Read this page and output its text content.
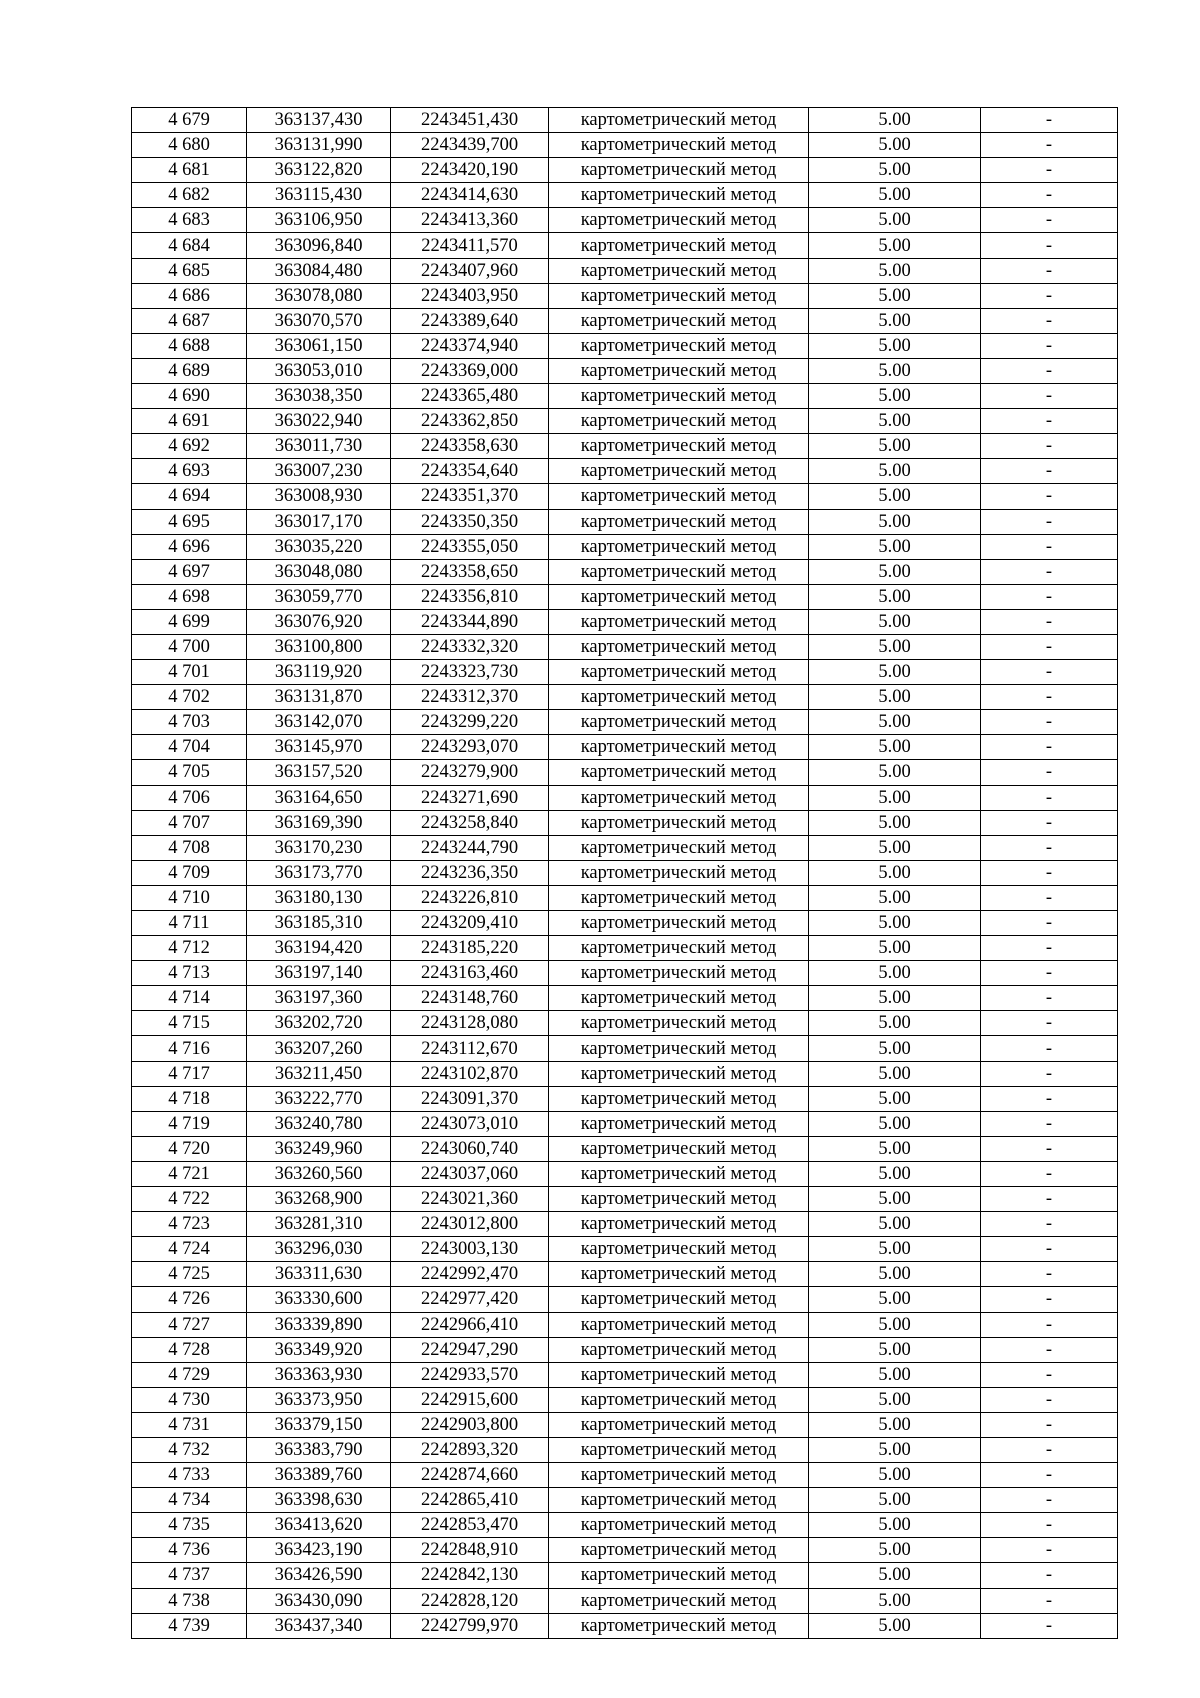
4 679	363137,430	2243451,430	картометрический метод	5.00	-
4 680	363131,990	2243439,700	картометрический метод	5.00	-
4 681	363122,820	2243420,190	картометрический метод	5.00	-
4 682	363115,430	2243414,630	картометрический метод	5.00	-
4 683	363106,950	2243413,360	картометрический метод	5.00	-
4 684	363096,840	2243411,570	картометрический метод	5.00	-
4 685	363084,480	2243407,960	картометрический метод	5.00	-
4 686	363078,080	2243403,950	картометрический метод	5.00	-
4 687	363070,570	2243389,640	картометрический метод	5.00	-
4 688	363061,150	2243374,940	картометрический метод	5.00	-
4 689	363053,010	2243369,000	картометрический метод	5.00	-
4 690	363038,350	2243365,480	картометрический метод	5.00	-
4 691	363022,940	2243362,850	картометрический метод	5.00	-
4 692	363011,730	2243358,630	картометрический метод	5.00	-
4 693	363007,230	2243354,640	картометрический метод	5.00	-
4 694	363008,930	2243351,370	картометрический метод	5.00	-
4 695	363017,170	2243350,350	картометрический метод	5.00	-
4 696	363035,220	2243355,050	картометрический метод	5.00	-
4 697	363048,080	2243358,650	картометрический метод	5.00	-
4 698	363059,770	2243356,810	картометрический метод	5.00	-
4 699	363076,920	2243344,890	картометрический метод	5.00	-
4 700	363100,800	2243332,320	картометрический метод	5.00	-
4 701	363119,920	2243323,730	картометрический метод	5.00	-
4 702	363131,870	2243312,370	картометрический метод	5.00	-
4 703	363142,070	2243299,220	картометрический метод	5.00	-
4 704	363145,970	2243293,070	картометрический метод	5.00	-
4 705	363157,520	2243279,900	картометрический метод	5.00	-
4 706	363164,650	2243271,690	картометрический метод	5.00	-
4 707	363169,390	2243258,840	картометрический метод	5.00	-
4 708	363170,230	2243244,790	картометрический метод	5.00	-
4 709	363173,770	2243236,350	картометрический метод	5.00	-
4 710	363180,130	2243226,810	картометрический метод	5.00	-
4 711	363185,310	2243209,410	картометрический метод	5.00	-
4 712	363194,420	2243185,220	картометрический метод	5.00	-
4 713	363197,140	2243163,460	картометрический метод	5.00	-
4 714	363197,360	2243148,760	картометрический метод	5.00	-
4 715	363202,720	2243128,080	картометрический метод	5.00	-
4 716	363207,260	2243112,670	картометрический метод	5.00	-
4 717	363211,450	2243102,870	картометрический метод	5.00	-
4 718	363222,770	2243091,370	картометрический метод	5.00	-
4 719	363240,780	2243073,010	картометрический метод	5.00	-
4 720	363249,960	2243060,740	картометрический метод	5.00	-
4 721	363260,560	2243037,060	картометрический метод	5.00	-
4 722	363268,900	2243021,360	картометрический метод	5.00	-
4 723	363281,310	2243012,800	картометрический метод	5.00	-
4 724	363296,030	2243003,130	картометрический метод	5.00	-
4 725	363311,630	2242992,470	картометрический метод	5.00	-
4 726	363330,600	2242977,420	картометрический метод	5.00	-
4 727	363339,890	2242966,410	картометрический метод	5.00	-
4 728	363349,920	2242947,290	картометрический метод	5.00	-
4 729	363363,930	2242933,570	картометрический метод	5.00	-
4 730	363373,950	2242915,600	картометрический метод	5.00	-
4 731	363379,150	2242903,800	картометрический метод	5.00	-
4 732	363383,790	2242893,320	картометрический метод	5.00	-
4 733	363389,760	2242874,660	картометрический метод	5.00	-
4 734	363398,630	2242865,410	картометрический метод	5.00	-
4 735	363413,620	2242853,470	картометрический метод	5.00	-
4 736	363423,190	2242848,910	картометрический метод	5.00	-
4 737	363426,590	2242842,130	картометрический метод	5.00	-
4 738	363430,090	2242828,120	картометрический метод	5.00	-
4 739	363437,340	2242799,970	картометрический метод	5.00	-
